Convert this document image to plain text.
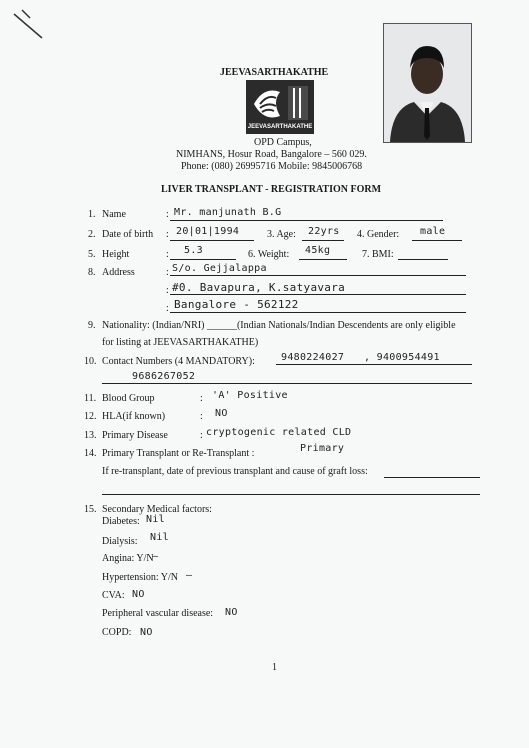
JEEVASARTHAKATHE
JEEVASARTHAKATHE
OPD Campus,
NIMHANS, Hosur Road, Bangalore – 560 029.
Phone: (080) 26995716 Mobile: 9845006768
LIVER TRANSPLANT - REGISTRATION FORM
1. Name	: Mr. manjunath B.G
2. Date of birth : 20|01|1994	3. Age: 22yrs 4. Gender: male
5. Height	: 5.3	6. Weight: 45kg	7. BMI:
8. Address	: S/o. Gejjalappa
: #0. Bavapura, K.satyavara
: Bangalore - 562122
9. Nationality: (Indian/NRI) ______(Indian Nationals/Indian Descendents are only eligible
for listing at JEEVASARTHAKATHE)
10. Contact Numbers (4 MANDATORY):	9480224027 , 9400954491
9686267052
11. Blood Group	: 'A' Positive
12. HLA(if known)	: NO
13. Primary Disease	: cryptogenic related CLD
14. Primary Transplant or Re-Transplant :	Primary
If re-transplant, date of previous transplant and cause of graft loss:
15. Secondary Medical factors:
Diabetes: Nil
Dialysis: Nil
Angina: Y/N
—
Hypertension: Y/N —
CVA: NO
Peripheral vascular disease: NO
COPD: NO
1
